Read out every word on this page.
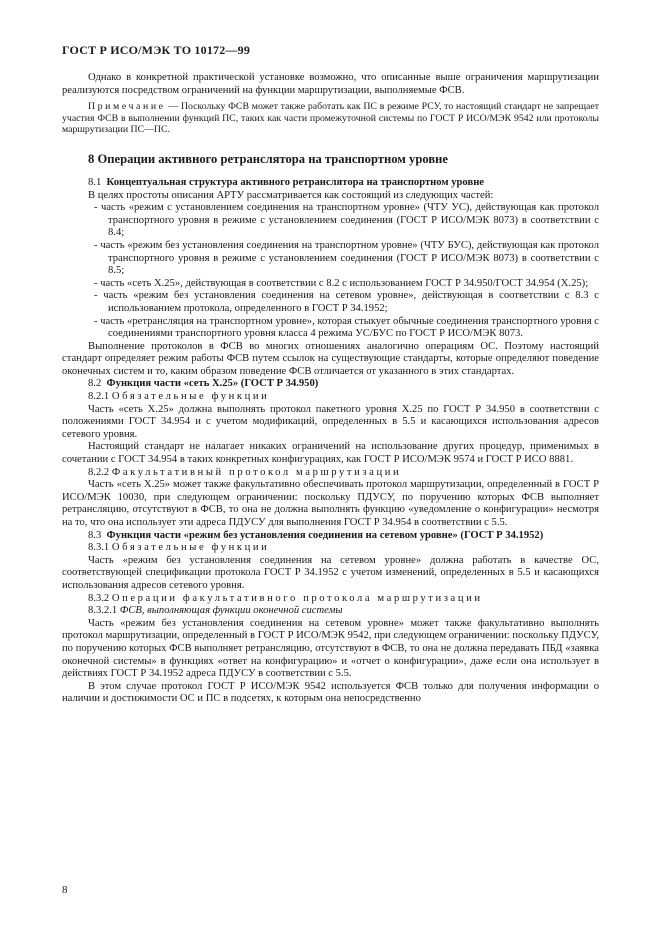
ГОСТ Р ИСО/МЭК ТО 10172—99

Однако в конкретной практической установке возможно, что описанные выше ограничения маршрутизации реализуются посредством ограничений на функции маршрутизации, выполняемые ФСВ.

Примечание — Поскольку ФСВ может также работать как ПС в режиме РСУ, то настоящий стандарт не запрещает участия ФСВ в выполнении функций ПС, таких как части промежуточной системы по ГОСТ Р ИСО/МЭК 9542 или протоколы маршрутизации ПС—ПС.

8 Операции активного ретранслятора на транспортном уровне

8.1 Концептуальная структура активного ретранслятора на транспортном уровне

В целях простоты описания АРТУ рассматривается как состоящий из следующих частей:

- часть «режим с установлением соединения на транспортном уровне» (ЧТУ УС), действующая как протокол транспортного уровня в режиме с установлением соединения (ГОСТ Р ИСО/МЭК 8073) в соответствии с 8.4;

- часть «режим без установления соединения на транспортном уровне» (ЧТУ БУС), действующая как протокол транспортного уровня в режиме с установлением соединения (ГОСТ Р ИСО/МЭК 8073) в соответствии с 8.5;

- часть «сеть Х.25», действующая в соответствии с 8.2 с использованием ГОСТ Р 34.950/ГОСТ 34.954 (Х.25);

- часть «режим без установления соединения на сетевом уровне», действующая в соответствии с 8.3 с использованием протокола, определенного в ГОСТ Р 34.1952;

- часть «ретрансляция на транспортном уровне», которая стыкует обычные соединения транспортного уровня с соединениями транспортного уровня класса 4 режима УС/БУС по ГОСТ Р ИСО/МЭК 8073.

Выполнение протоколов в ФСВ во многих отношениях аналогично операциям ОС. Поэтому настоящий стандарт определяет режим работы ФСВ путем ссылок на существующие стандарты, которые определяют поведение оконечных систем и то, каким образом поведение ФСВ отличается от указанного в этих стандартах.

8.2 Функция части «сеть Х.25» (ГОСТ Р 34.950)

8.2.1 Обязательные функции

Часть «сеть Х.25» должна выполнять протокол пакетного уровня Х.25 по ГОСТ Р 34.950 в соответствии с положениями ГОСТ 34.954 и с учетом модификаций, определенных в 5.5 и касающихся использования адресов сетевого уровня.

Настоящий стандарт не налагает никаких ограничений на использование других процедур, применимых в сочетании с ГОСТ 34.954 в таких конкретных конфигурациях, как ГОСТ Р ИСО/МЭК 9574 и ГОСТ Р ИСО 8881.

8.2.2 Факультативный протокол маршрутизации

Часть «сеть Х.25» может также факультативно обеспечивать протокол маршрутизации, определенный в ГОСТ Р ИСО/МЭК 10030, при следующем ограничении: поскольку ПДУСУ, по поручению которых ФСВ выполняет ретрансляцию, отсутствуют в ФСВ, то она не должна выполнять функцию «уведомление о конфигурации» несмотря на то, что она использует эти адреса ПДУСУ для выполнения ГОСТ Р 34.954 в соответствии с 5.5.

8.3 Функция части «режим без установления соединения на сетевом уровне» (ГОСТ Р 34.1952)

8.3.1 Обязательные функции

Часть «режим без установления соединения на сетевом уровне» должна работать в качестве ОС, соответствующей спецификации протокола ГОСТ Р 34.1952 с учетом изменений, определенных в 5.5 и касающихся использования адресов сетевого уровня.

8.3.2 Операции факультативного протокола маршрутизации

8.3.2.1 ФСВ, выполняющая функции оконечной системы

Часть «режим без установления соединения на сетевом уровне» может также факультативно выполнять протокол маршрутизации, определенный в ГОСТ Р ИСО/МЭК 9542, при следующем ограничении: поскольку ПДУСУ, по поручению которых ФСВ выполняет ретрансляцию, отсутствуют в ФСВ, то она не должна передавать ПБД «заявка оконечной системы» в функциях «ответ на конфигурацию» и «отчет о конфигурации», даже если она использует в действиях ГОСТ Р 34.1952 адреса ПДУСУ в соответствии с 5.5.

В этом случае протокол ГОСТ Р ИСО/МЭК 9542 используется ФСВ только для получения информации о наличии и достижимости ОС и ПС в подсетях, к которым она непосредственно

8
